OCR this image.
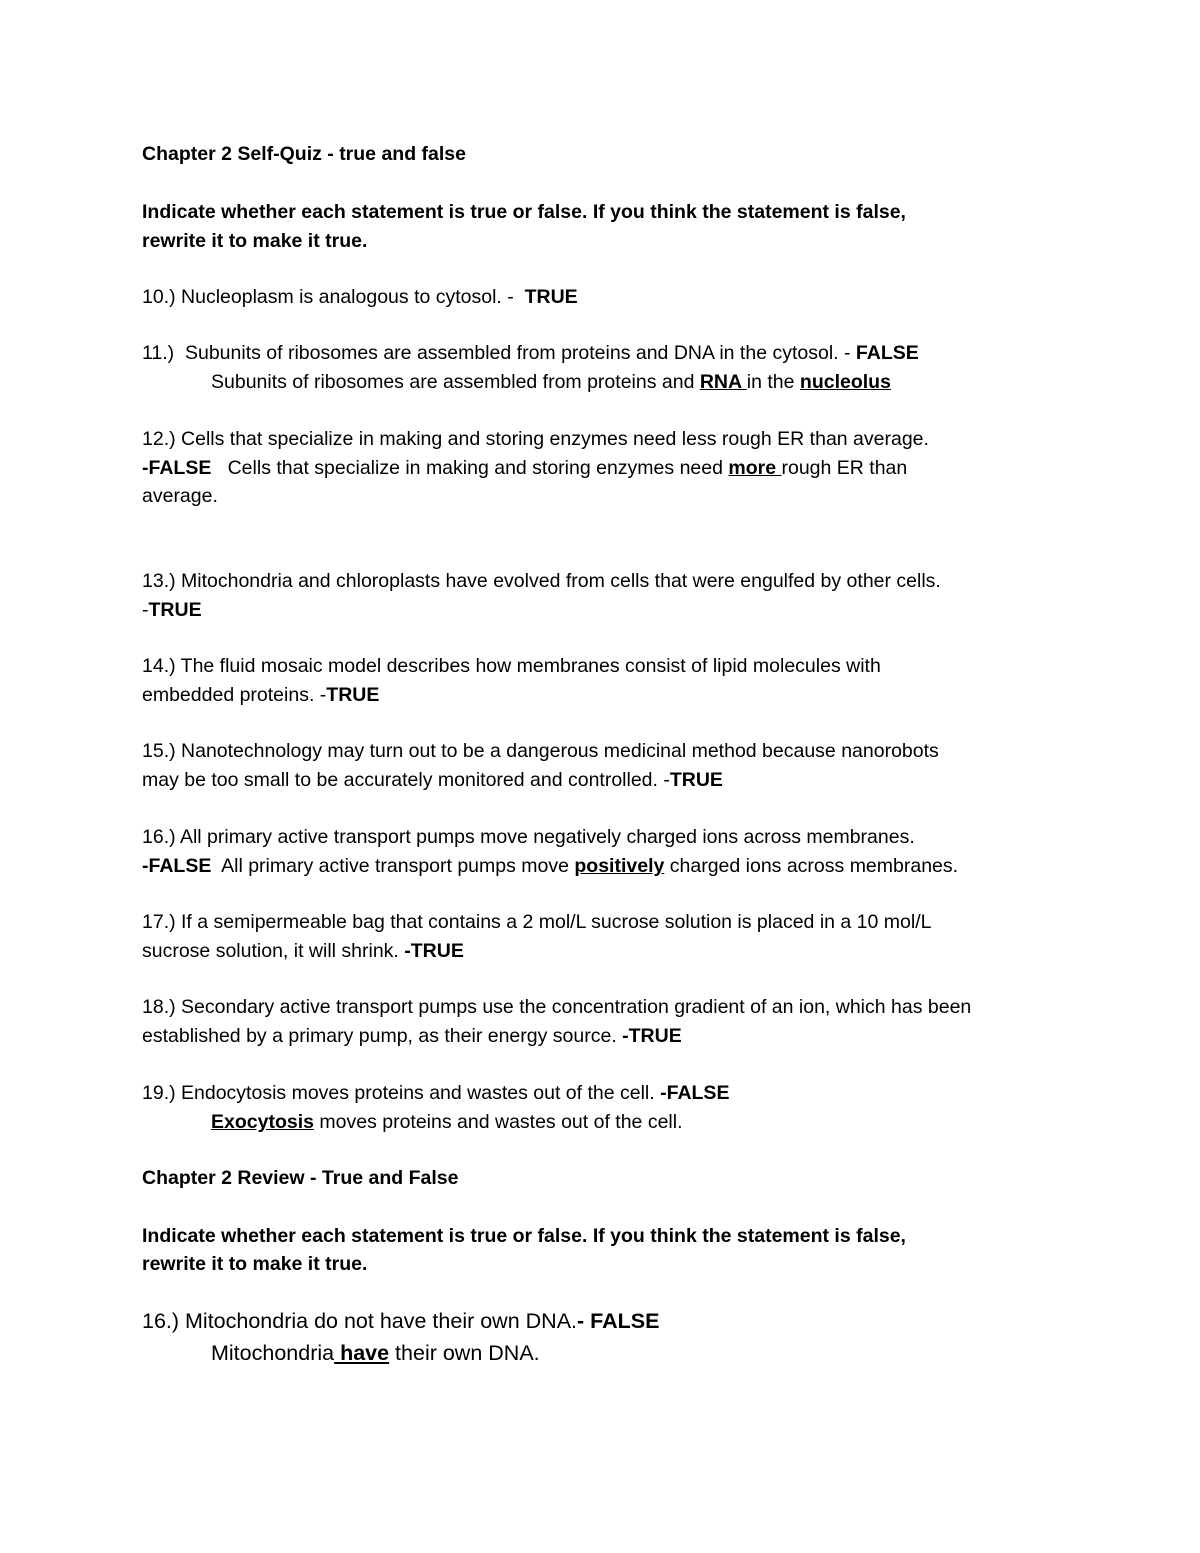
Chapter 2 Self-Quiz - true and false
Indicate whether each statement is true or false. If you think the statement is false,
rewrite it to make it true.
10.) Nucleoplasm is analogous to cytosol. -  TRUE
11.)  Subunits of ribosomes are assembled from proteins and DNA in the cytosol. - FALSE
Subunits of ribosomes are assembled from proteins and RNA in the nucleolus
12.) Cells that specialize in making and storing enzymes need less rough ER than average.
-FALSE   Cells that specialize in making and storing enzymes need more rough ER than
average.
13.) Mitochondria and chloroplasts have evolved from cells that were engulfed by other cells.
-TRUE
14.) The fluid mosaic model describes how membranes consist of lipid molecules with
embedded proteins. -TRUE
15.) Nanotechnology may turn out to be a dangerous medicinal method because nanorobots
may be too small to be accurately monitored and controlled. -TRUE
16.) All primary active transport pumps move negatively charged ions across membranes.
-FALSE  All primary active transport pumps move positively charged ions across membranes.
17.) If a semipermeable bag that contains a 2 mol/L sucrose solution is placed in a 10 mol/L
sucrose solution, it will shrink. -TRUE
18.) Secondary active transport pumps use the concentration gradient of an ion, which has been
established by a primary pump, as their energy source. -TRUE
19.) Endocytosis moves proteins and wastes out of the cell. -FALSE
Exocytosis moves proteins and wastes out of the cell.
Chapter 2 Review - True and False
Indicate whether each statement is true or false. If you think the statement is false,
rewrite it to make it true.
16.) Mitochondria do not have their own DNA.- FALSE
Mitochondria have their own DNA.
